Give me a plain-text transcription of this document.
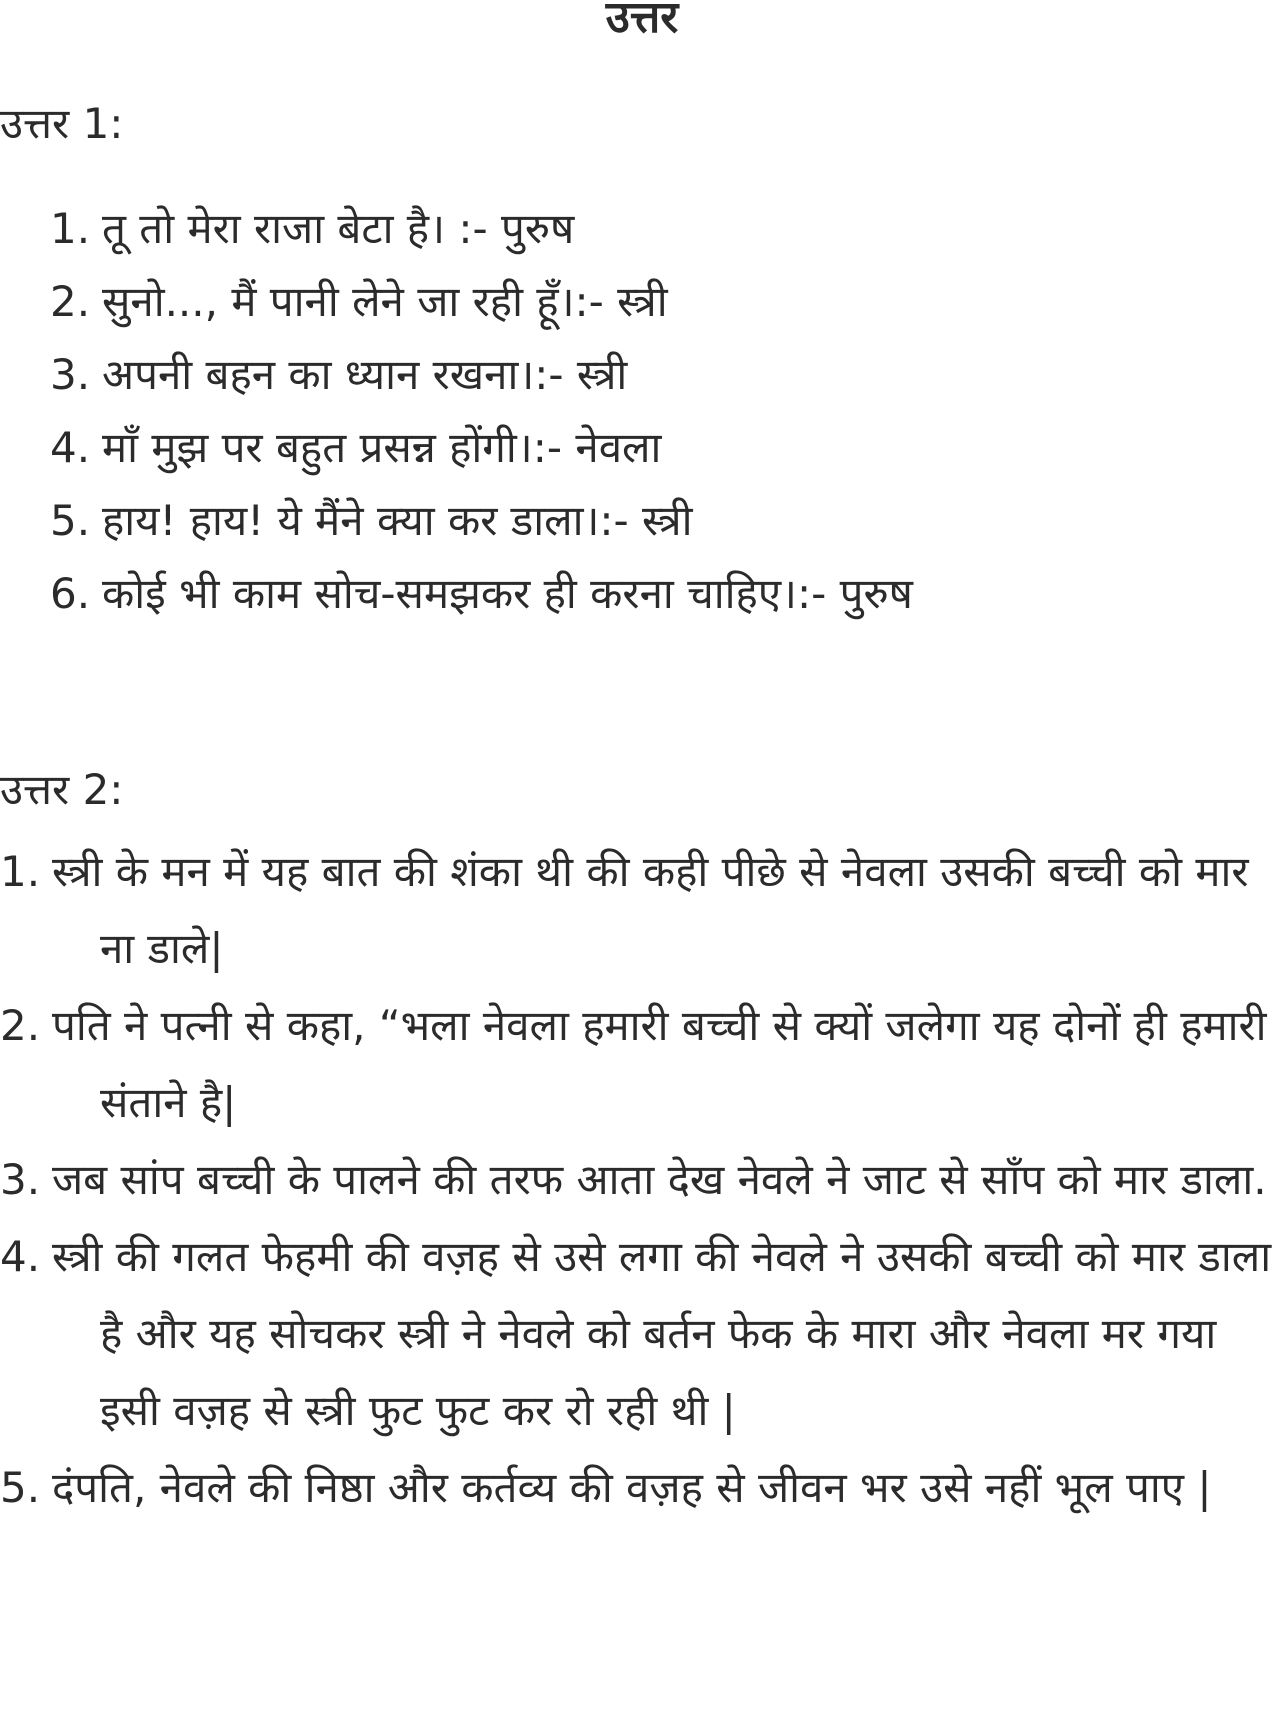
उत्तर
उत्तर 1:
1. तू तो मेरा राजा बेटा है। :- पुरुष
2. सुनो..., मैं पानी लेने जा रही हूँ।:- स्त्री
3. अपनी बहन का ध्यान रखना।:- स्त्री
4. माँ मुझ पर बहुत प्रसन्न होंगी।:- नेवला
5. हाय! हाय! ये मैंने क्या कर डाला।:- स्त्री
6. कोई भी काम सोच-समझकर ही करना चाहिए।:- पुरुष
उत्तर 2:
1. स्त्री के मन में यह बात की शंका थी की कही पीछे से नेवला उसकी बच्ची को मार ना डाले|
2. पति ने पत्नी से कहा, “भला नेवला हमारी बच्ची से क्यों जलेगा यह दोनों ही हमारी संताने है|
3. जब सांप बच्ची के पालने की तरफ आता देख नेवले ने जाट से साँप को मार डाला.
4. स्त्री की गलत फेहमी की वज़ह से उसे लगा की नेवले ने उसकी बच्ची को मार डाला है और यह सोचकर स्त्री ने नेवले को बर्तन फेक के मारा और नेवला मर गया इसी वज़ह से स्त्री फुट फुट कर रो रही थी |
5. दंपति, नेवले की निष्ठा और कर्तव्य की वज़ह से जीवन भर उसे नहीं भूल पाए |
